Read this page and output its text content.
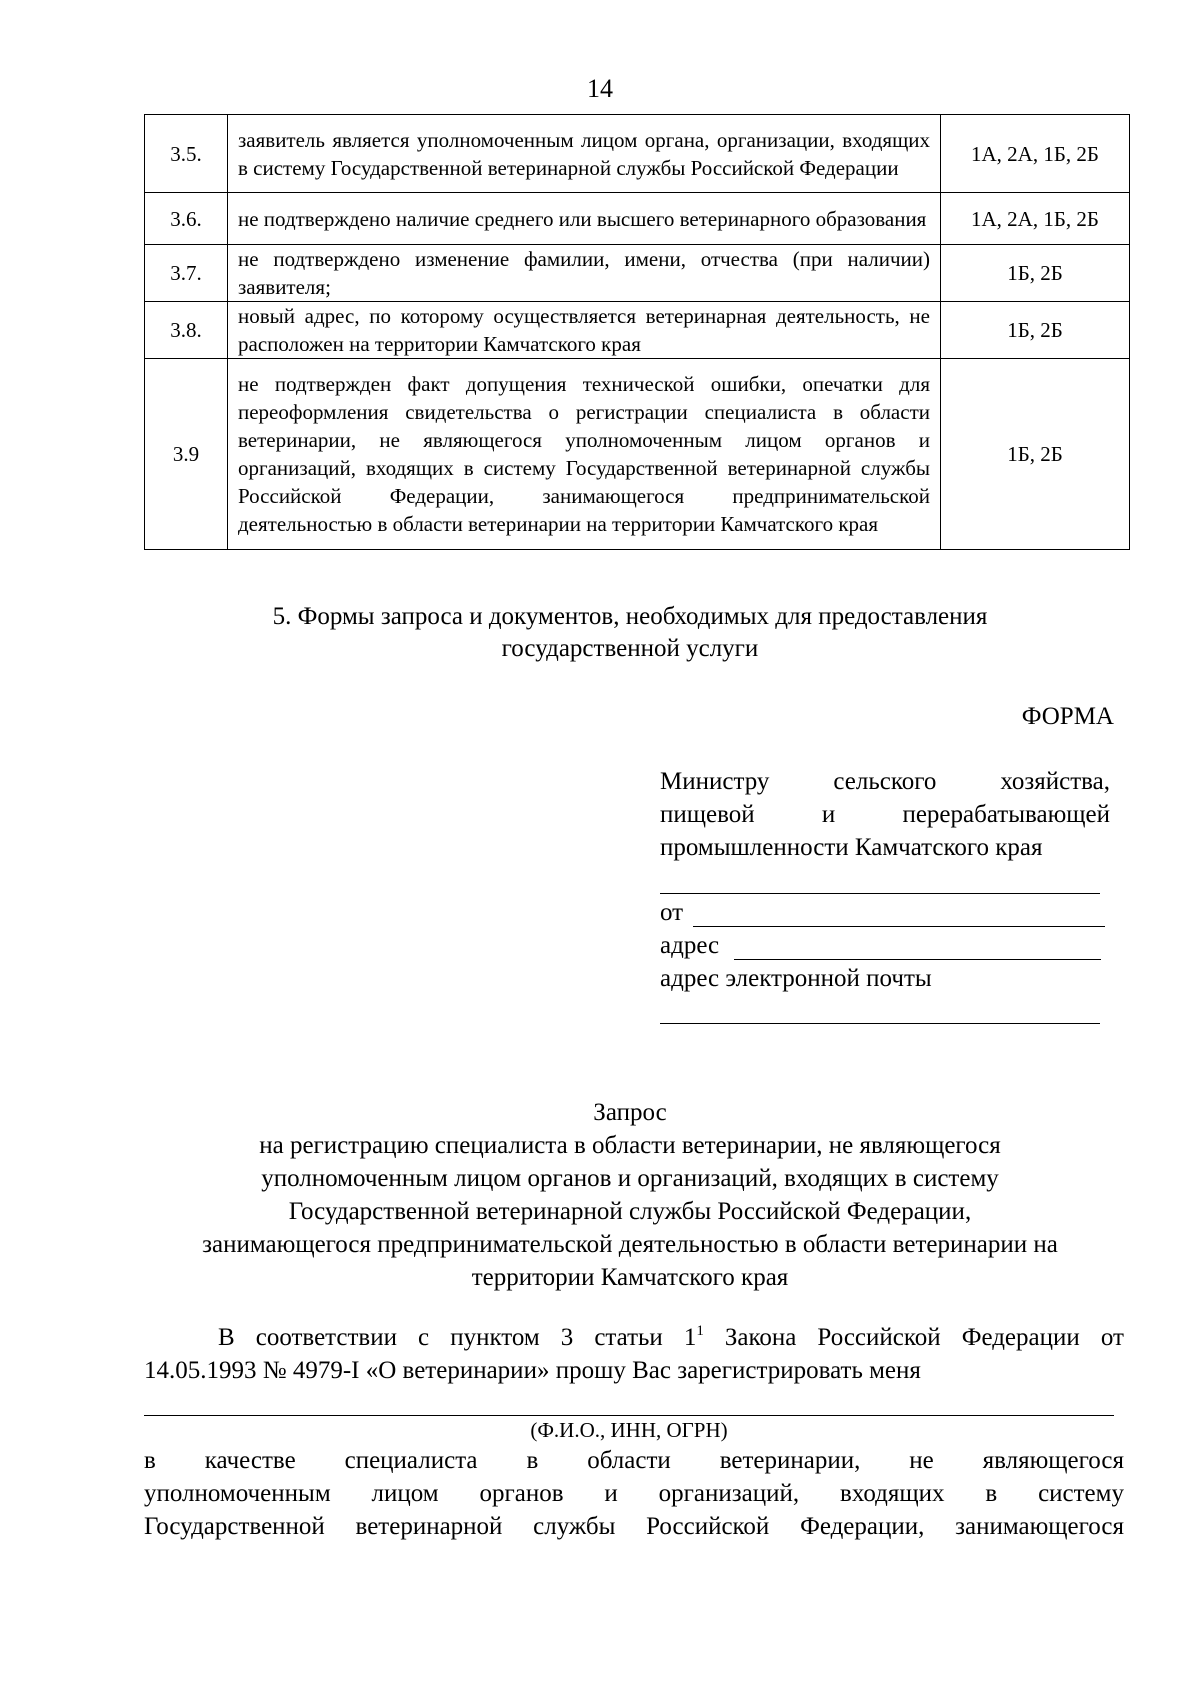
14
3.5.	заявитель является уполномоченным лицом органа, организации, входящих в систему Государственной ветеринарной службы Российской Федерации	1А, 2А, 1Б, 2Б
3.6.	не подтверждено наличие среднего или высшего ветеринарного образования	1А, 2А, 1Б, 2Б
3.7.	не подтверждено изменение фамилии, имени, отчества (при наличии) заявителя;	1Б, 2Б
3.8.	новый адрес, по которому осуществляется ветеринарная деятельность, не расположен на территории Камчатского края	1Б, 2Б
3.9	не подтвержден факт допущения технической ошибки, опечатки для переоформления свидетельства о регистрации специалиста в области ветеринарии, не являющегося уполномоченным лицом органов и организаций, входящих в систему Государственной ветеринарной службы Российской Федерации, занимающегося предпринимательской деятельностью в области ветеринарии на территории Камчатского края	1Б, 2Б
5. Формы запроса и документов, необходимых для предоставления
государственной услуги
ФОРМА
Министру	сельского	хозяйства,
пищевой	и	перерабатывающей
промышленности Камчатского края
от
адрес
адрес электронной почты
Запрос
на регистрацию специалиста в области ветеринарии, не являющегося
уполномоченным лицом органов и организаций, входящих в систему
Государственной ветеринарной службы Российской Федерации,
занимающегося предпринимательской деятельностью в области ветеринарии на
территории Камчатского края
В соответствии с пунктом 3 статьи $1^1$ Закона Российской Федерации от
14.05.1993 № 4979-I «О ветеринарии» прошу Вас зарегистрировать меня
(Ф.И.О., ИНН, ОГРН)
в качестве специалиста в области ветеринарии, не являющегося
уполномоченным лицом органов и организаций, входящих в систему
Государственной ветеринарной службы Российской Федерации, занимающегося
